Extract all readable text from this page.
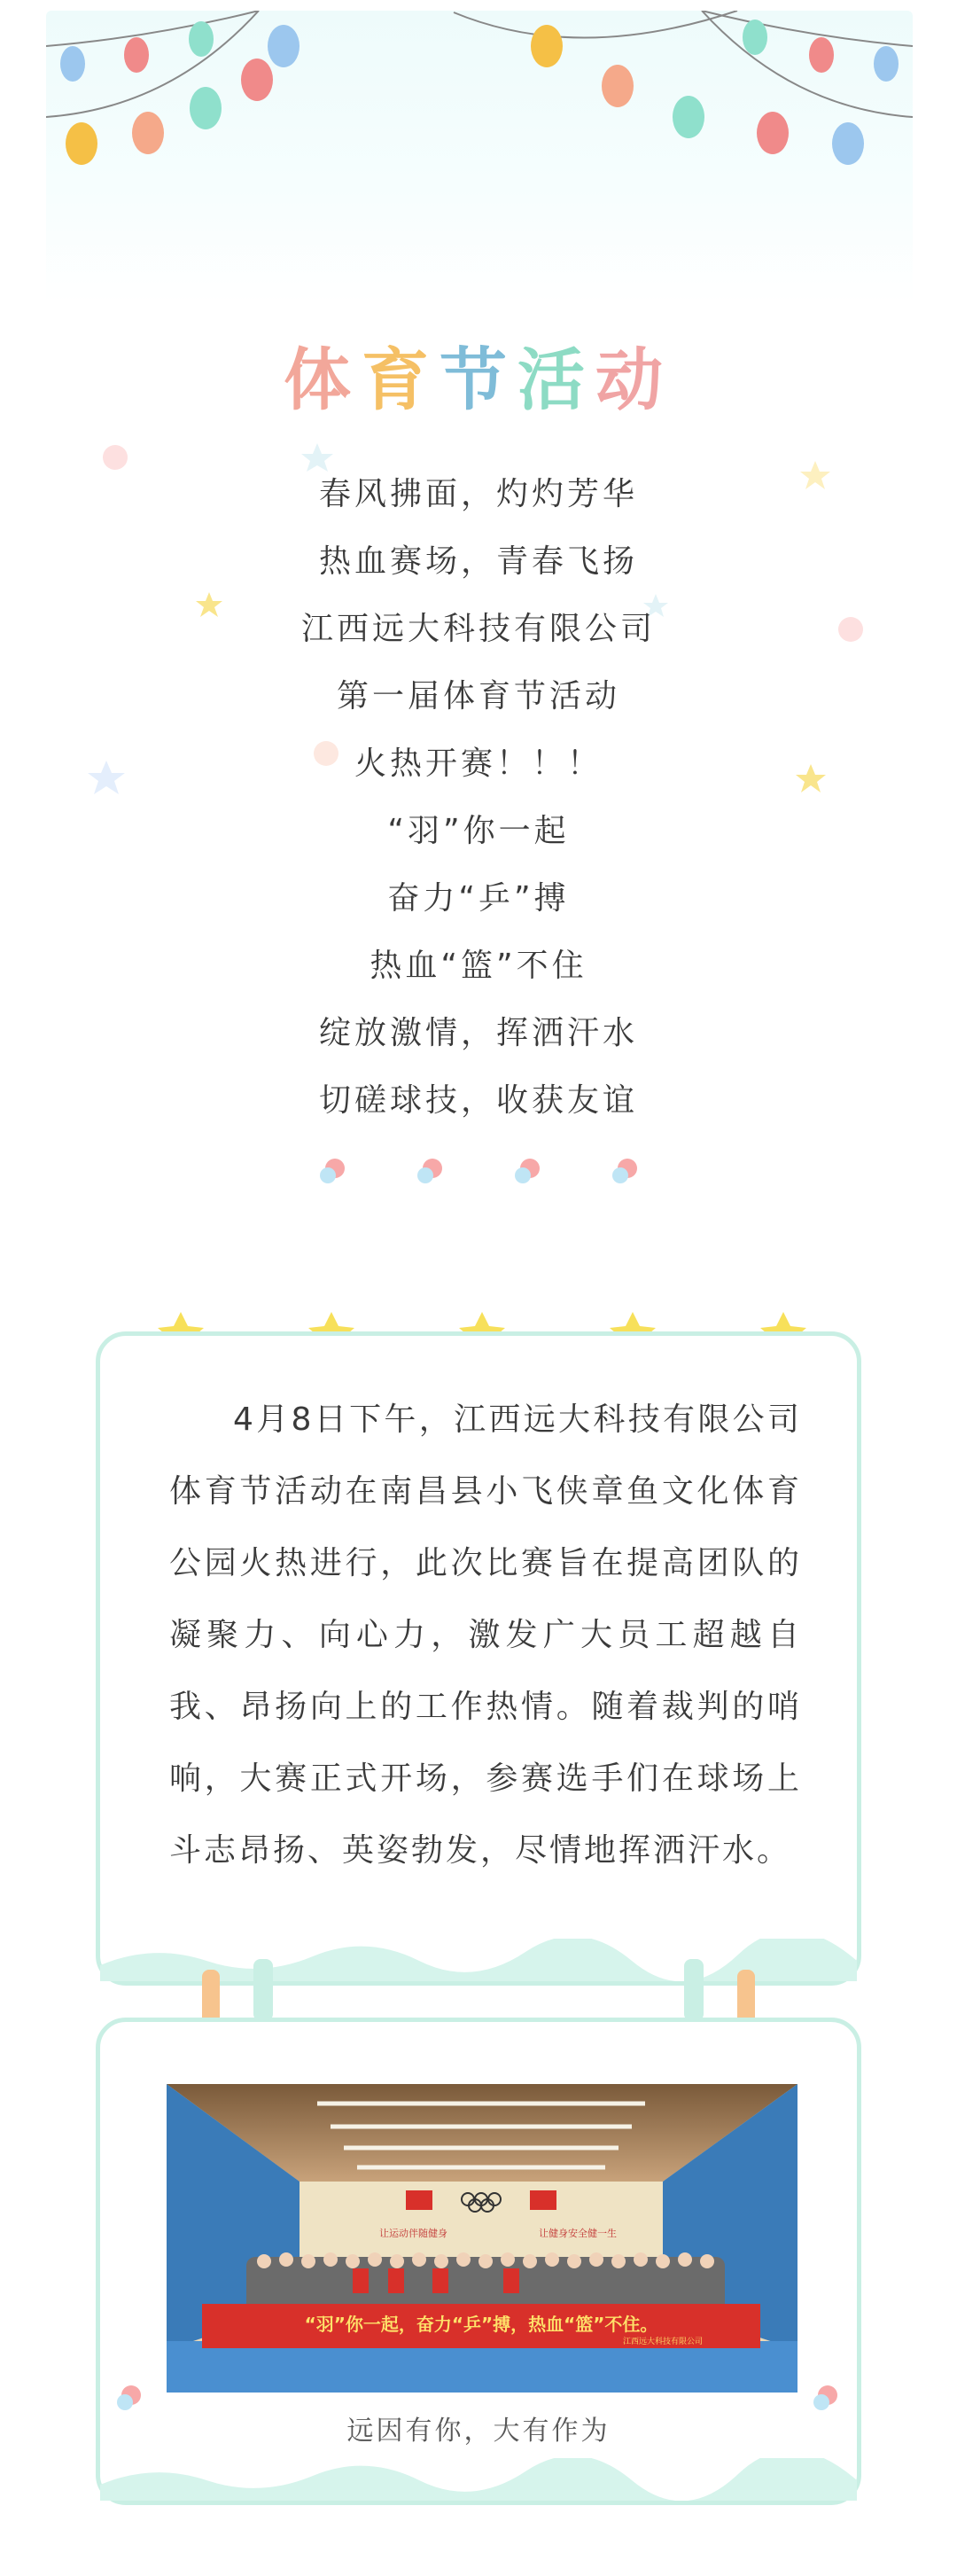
体育节活动
春风拂面，灼灼芳华
热血赛场，青春飞扬
江西远大科技有限公司
第一届体育节活动
火热开赛！！！
“羽”你一起
奋力“乒”搏
热血“篮”不住
绽放激情，挥洒汗水
切磋球技，收获友谊
4月8日下午，江西远大科技有限公司体育节活动在南昌县小飞侠章鱼文化体育公园火热进行，此次比赛旨在提高团队的凝聚力、向心力，激发广大员工超越自我、昂扬向上的工作热情。随着裁判的哨响，大赛正式开场，参赛选手们在球场上斗志昂扬、英姿勃发，尽情地挥洒汗水。
让运动伴随健身	让健身安全健一生
“羽”你一起，奋力“乒”搏，热血“篮”不住。
江西远大科技有限公司
远因有你，大有作为
